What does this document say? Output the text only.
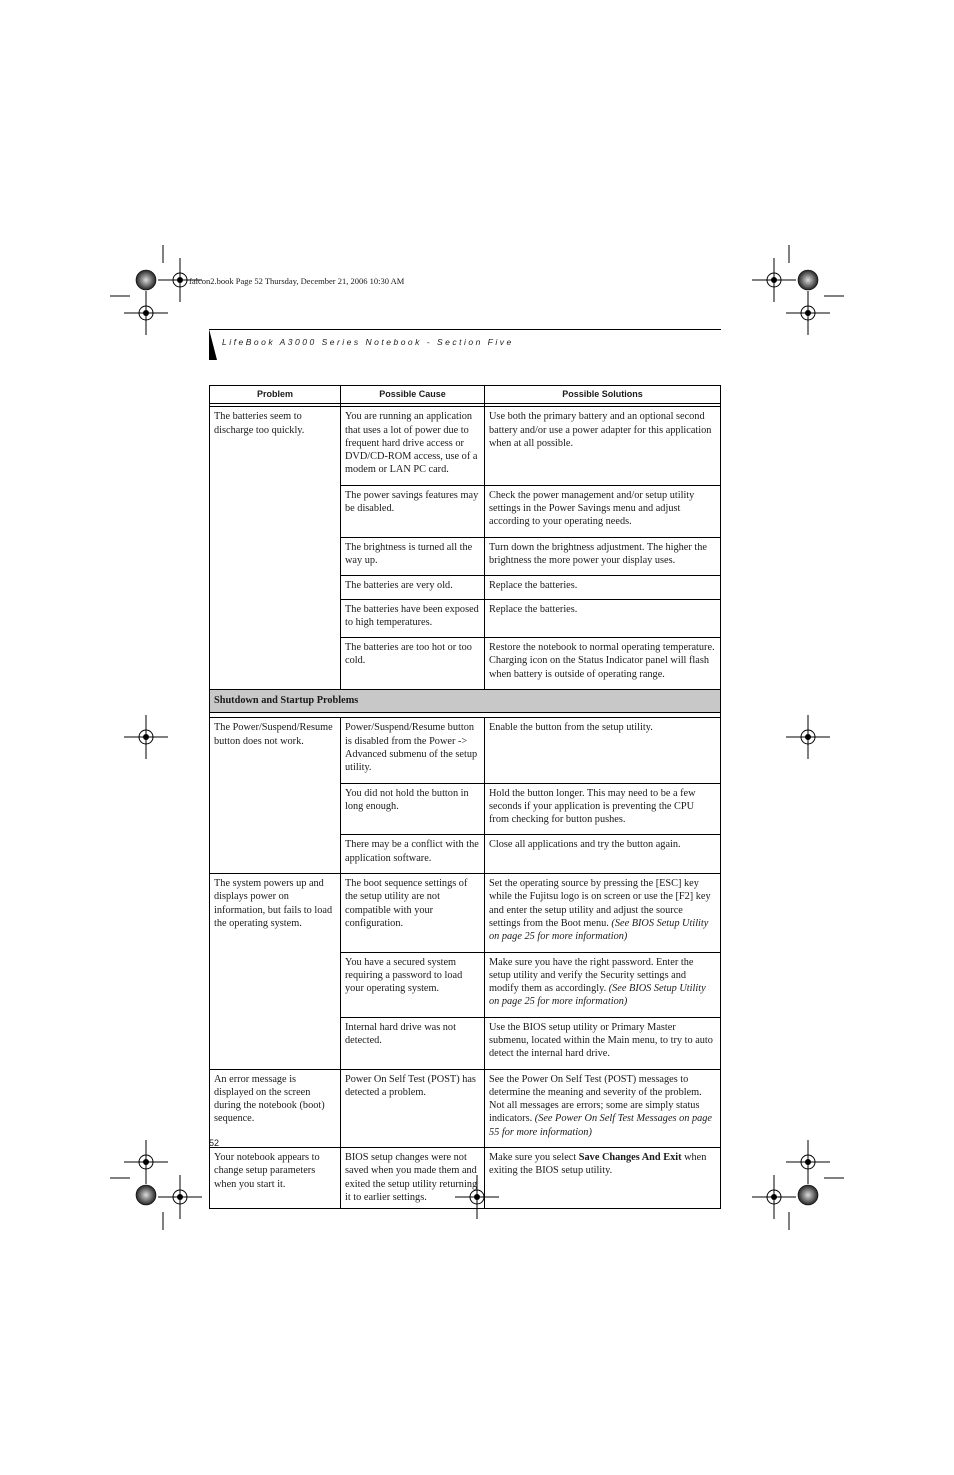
falcon2.book Page 52 Thursday, December 21, 2006 10:30 AM
LifeBook A3000 Series Notebook - Section Five
Problem	Possible Cause	Possible Solutions

The batteries seem to discharge too quickly.	You are running an application that uses a lot of power due to frequent hard drive access or DVD/CD-ROM access, use of a modem or LAN PC card.	Use both the primary battery and an optional second battery and/or use a power adapter for this application when at all possible.
	The power savings features may be disabled.	Check the power management and/or setup utility settings in the Power Savings menu and adjust according to your operating needs.
	The brightness is turned all the way up.	Turn down the brightness adjustment. The higher the brightness the more power your display uses.
	The batteries are very old.	Replace the batteries.
	The batteries have been exposed to high temperatures.	Replace the batteries.
	The batteries are too hot or too cold.	Restore the notebook to normal operating temperature. Charging icon on the Status Indicator panel will flash when battery is outside of operating range.
Shutdown and Startup Problems		

The Power/Suspend/Resume button does not work.	Power/Suspend/Resume button is disabled from the Power -> Advanced submenu of the setup utility.	Enable the button from the setup utility.
	You did not hold the button in long enough.	Hold the button longer. This may need to be a few seconds if your application is preventing the CPU from checking for button pushes.
	There may be a conflict with the application software.	Close all applications and try the button again.
The system powers up and displays power on information, but fails to load the operating system.	The boot sequence settings of the setup utility are not compatible with your configuration.	Set the operating source by pressing the [ESC] key while the Fujitsu logo is on screen or use the [F2] key and enter the setup utility and adjust the source settings from the Boot menu. (See BIOS Setup Utility on page 25 for more information)
	You have a secured system requiring a password to load your operating system.	Make sure you have the right password. Enter the setup utility and verify the Security settings and modify them as accordingly. (See BIOS Setup Utility on page 25 for more information)
	Internal hard drive was not detected.	Use the BIOS setup utility or Primary Master submenu, located within the Main menu, to try to auto detect the internal hard drive.
An error message is displayed on the screen during the notebook (boot) sequence.	Power On Self Test (POST) has detected a problem.	See the Power On Self Test (POST) messages to determine the meaning and severity of the problem. Not all messages are errors; some are simply status indicators. (See Power On Self Test Messages on page 55 for more information)
Your notebook appears to change setup parameters when you start it.	BIOS setup changes were not saved when you made them and exited the setup utility returning it to earlier settings.	Make sure you select Save Changes And Exit when exiting the BIOS setup utility.
52
